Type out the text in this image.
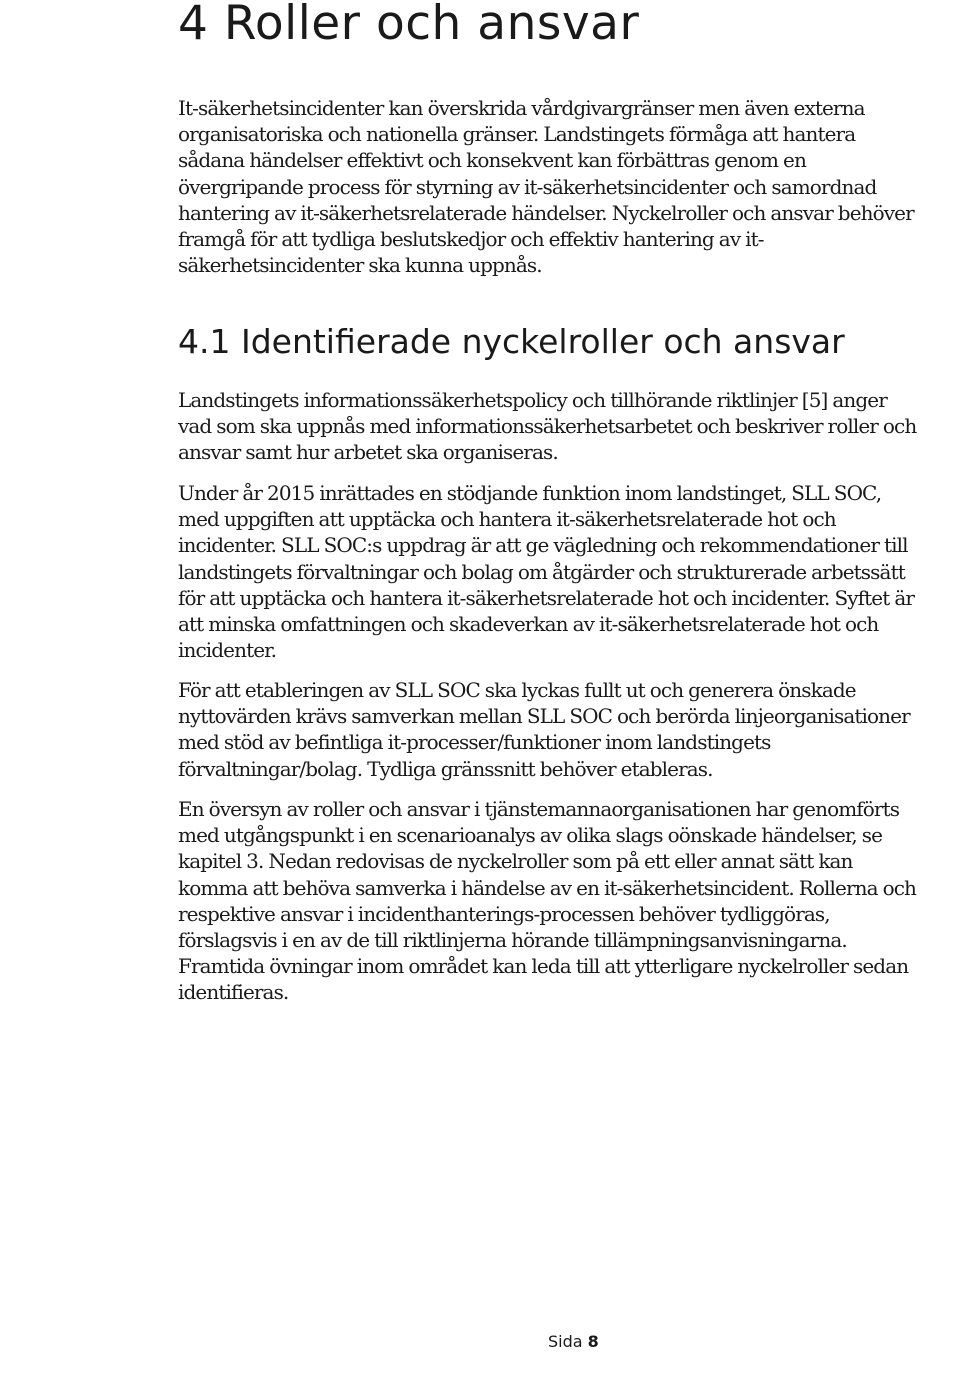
4 Roller och ansvar

It-säkerhetsincidenter kan överskrida vårdgivargränser men även externa
organisatoriska och nationella gränser. Landstingets förmåga att hantera
sådana händelser effektivt och konsekvent kan förbättras genom en
övergripande process för styrning av it-säkerhetsincidenter och samordnad
hantering av it-säkerhetsrelaterade händelser. Nyckelroller och ansvar behöver
framgå för att tydliga beslutskedjor och effektiv hantering av it-
säkerhetsincidenter ska kunna uppnås.

4.1 Identifierade nyckelroller och ansvar

Landstingets informationssäkerhetspolicy och tillhörande riktlinjer [5] anger
vad som ska uppnås med informationssäkerhetsarbetet och beskriver roller och
ansvar samt hur arbetet ska organiseras.

Under år 2015 inrättades en stödjande funktion inom landstinget, SLL SOC,
med uppgiften att upptäcka och hantera it-säkerhetsrelaterade hot och
incidenter. SLL SOC:s uppdrag är att ge vägledning och rekommendationer till
landstingets förvaltningar och bolag om åtgärder och strukturerade arbetssätt
för att upptäcka och hantera it-säkerhetsrelaterade hot och incidenter. Syftet är
att minska omfattningen och skadeverkan av it-säkerhetsrelaterade hot och
incidenter.

För att etableringen av SLL SOC ska lyckas fullt ut och generera önskade
nyttovärden krävs samverkan mellan SLL SOC och berörda linjeorganisationer
med stöd av befintliga it-processer/funktioner inom landstingets
förvaltningar/bolag. Tydliga gränssnitt behöver etableras.

En översyn av roller och ansvar i tjänstemannaorganisationen har genomförts
med utgångspunkt i en scenarioanalys av olika slags oönskade händelser, se
kapitel 3. Nedan redovisas de nyckelroller som på ett eller annat sätt kan
komma att behöva samverka i händelse av en it-säkerhetsincident. Rollerna och
respektive ansvar i incidenthanterings-processen behöver tydliggöras,
förslagsvis i en av de till riktlinjerna hörande tillämpningsanvisningarna.
Framtida övningar inom området kan leda till att ytterligare nyckelroller sedan
identifieras.

Sida 8
